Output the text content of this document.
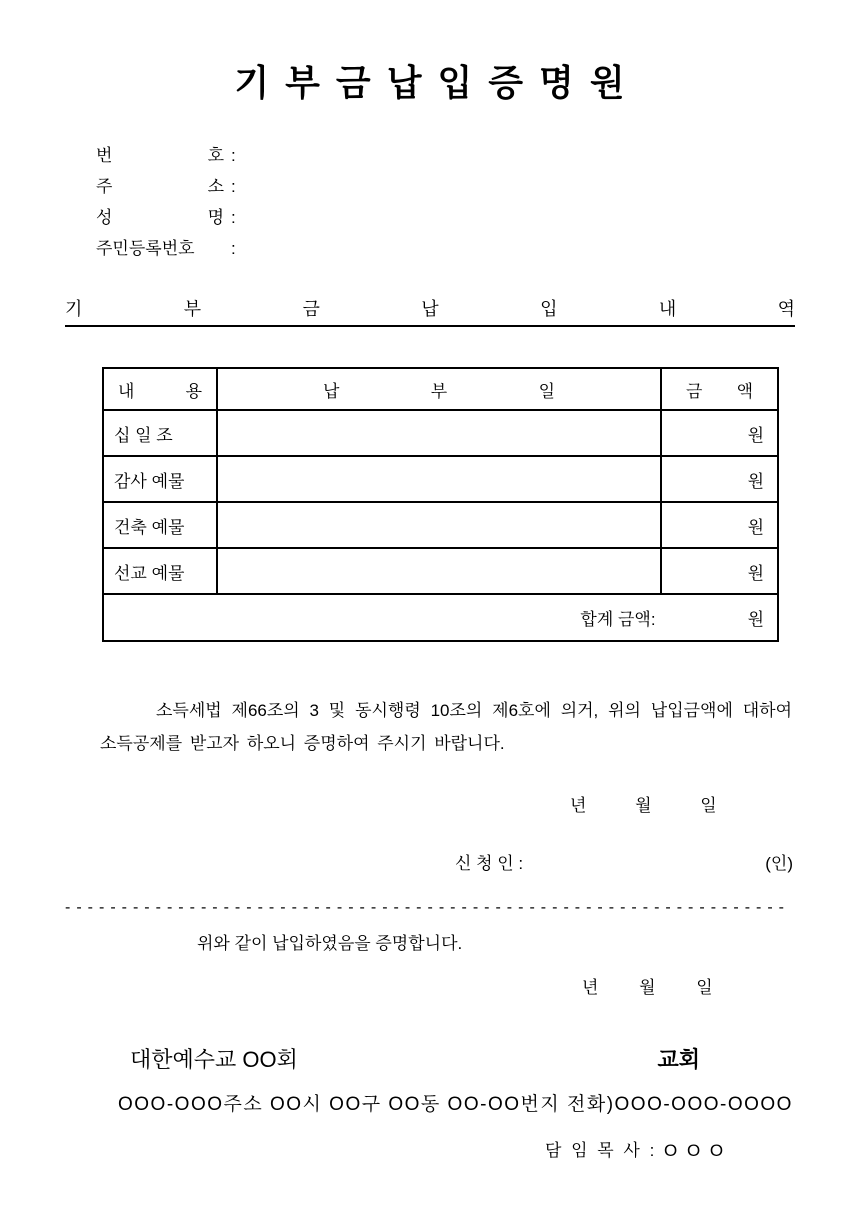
기 부 금 납 입 증 명 원
번 호 :
주 소 :
성 명 :
주민등록번호	:
기 부 금 납 입 내 역
내 용	납 부 일	금 액
십 일 조		원
감사 예물		원
건축 예물		원
선교 예물		원

합계 금액: 원		

소득세법 제66조의 3 및 동시행령 10조의 제6호에 의거, 위의 납입금액에 대하여 소득공제를 받고자 하오니 증명하여 주시기 바랍니다.

년 월 일
신 청 인 :	(인)
----------------------------------------------------------------
위와 같이 납입하였음을 증명합니다.
년 월 일
대한예수교 OO회	교회
OOO-OOO주소 OO시 OO구 OO동 OO-OO번지 전화)OOO-OOO-OOOO
담 임 목 사 : O O O
